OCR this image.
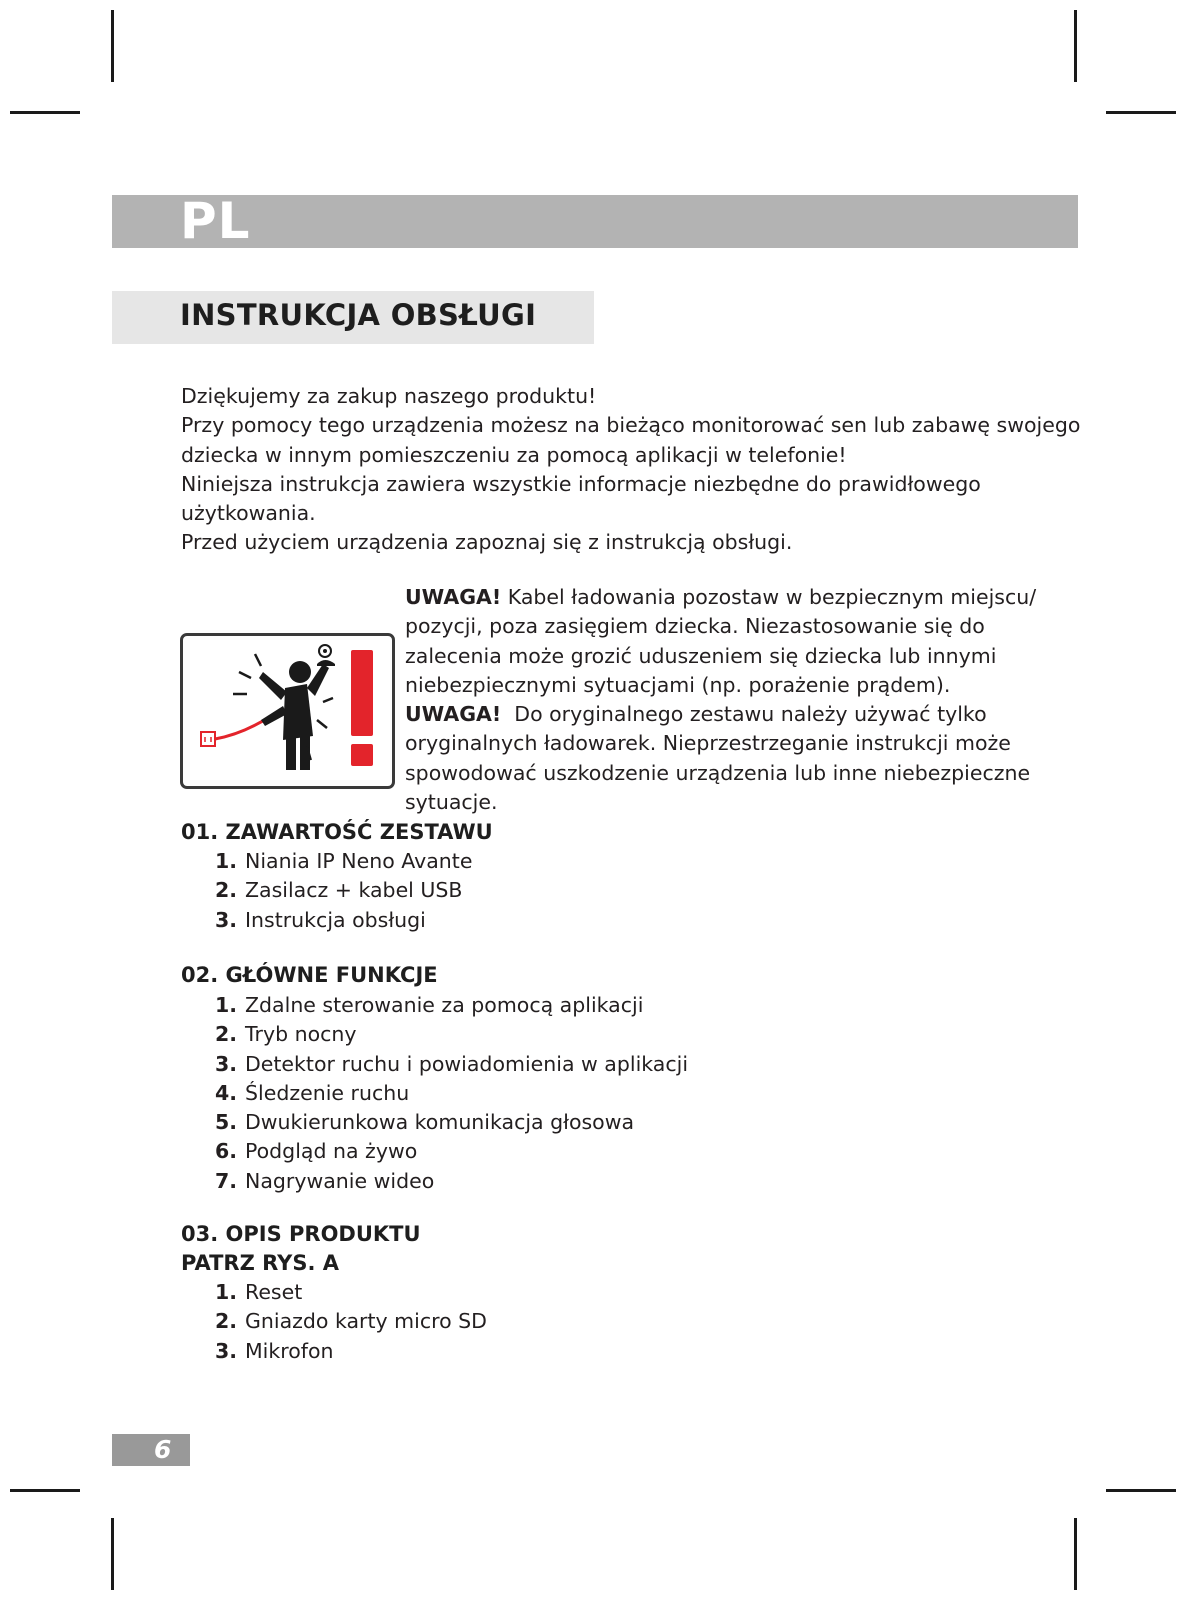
PL
INSTRUKCJA OBSŁUGI

Dziękujemy za zakup naszego produktu!

Przy pomocy tego urządzenia możesz na bieżąco monitorować sen lub zabawę swojego dziecka w innym pomieszczeniu za pomocą aplikacji w telefonie!

Niniejsza instrukcja zawiera wszystkie informacje niezbędne do prawidłowego użytkowania.

Przed użyciem urządzenia zapoznaj się z instrukcją obsługi.

UWAGA! Kabel ładowania pozostaw w bezpiecznym miejscu/ pozycji, poza zasięgiem dziecka. Niezastosowanie się do zalecenia może grozić uduszeniem się dziecka lub innymi niebezpiecznymi sytuacjami (np. porażenie prądem).

UWAGA!  Do oryginalnego zestawu należy używać tylko oryginalnych ładowarek. Nieprzestrzeganie instrukcji może spowodować uszkodzenie urządzenia lub inne niebezpieczne sytuacje.

01. ZAWARTOŚĆ ZESTAWU
1. Niania IP Neno Avante
2. Zasilacz + kabel USB
3. Instrukcja obsługi
02. GŁÓWNE FUNKCJE
1. Zdalne sterowanie za pomocą aplikacji
2. Tryb nocny
3. Detektor ruchu i powiadomienia w aplikacji
4. Śledzenie ruchu
5. Dwukierunkowa komunikacja głosowa
6. Podgląd na żywo
7. Nagrywanie wideo
03. OPIS PRODUKTU
PATRZ RYS. A
1. Reset
2. Gniazdo karty micro SD
3. Mikrofon
6
